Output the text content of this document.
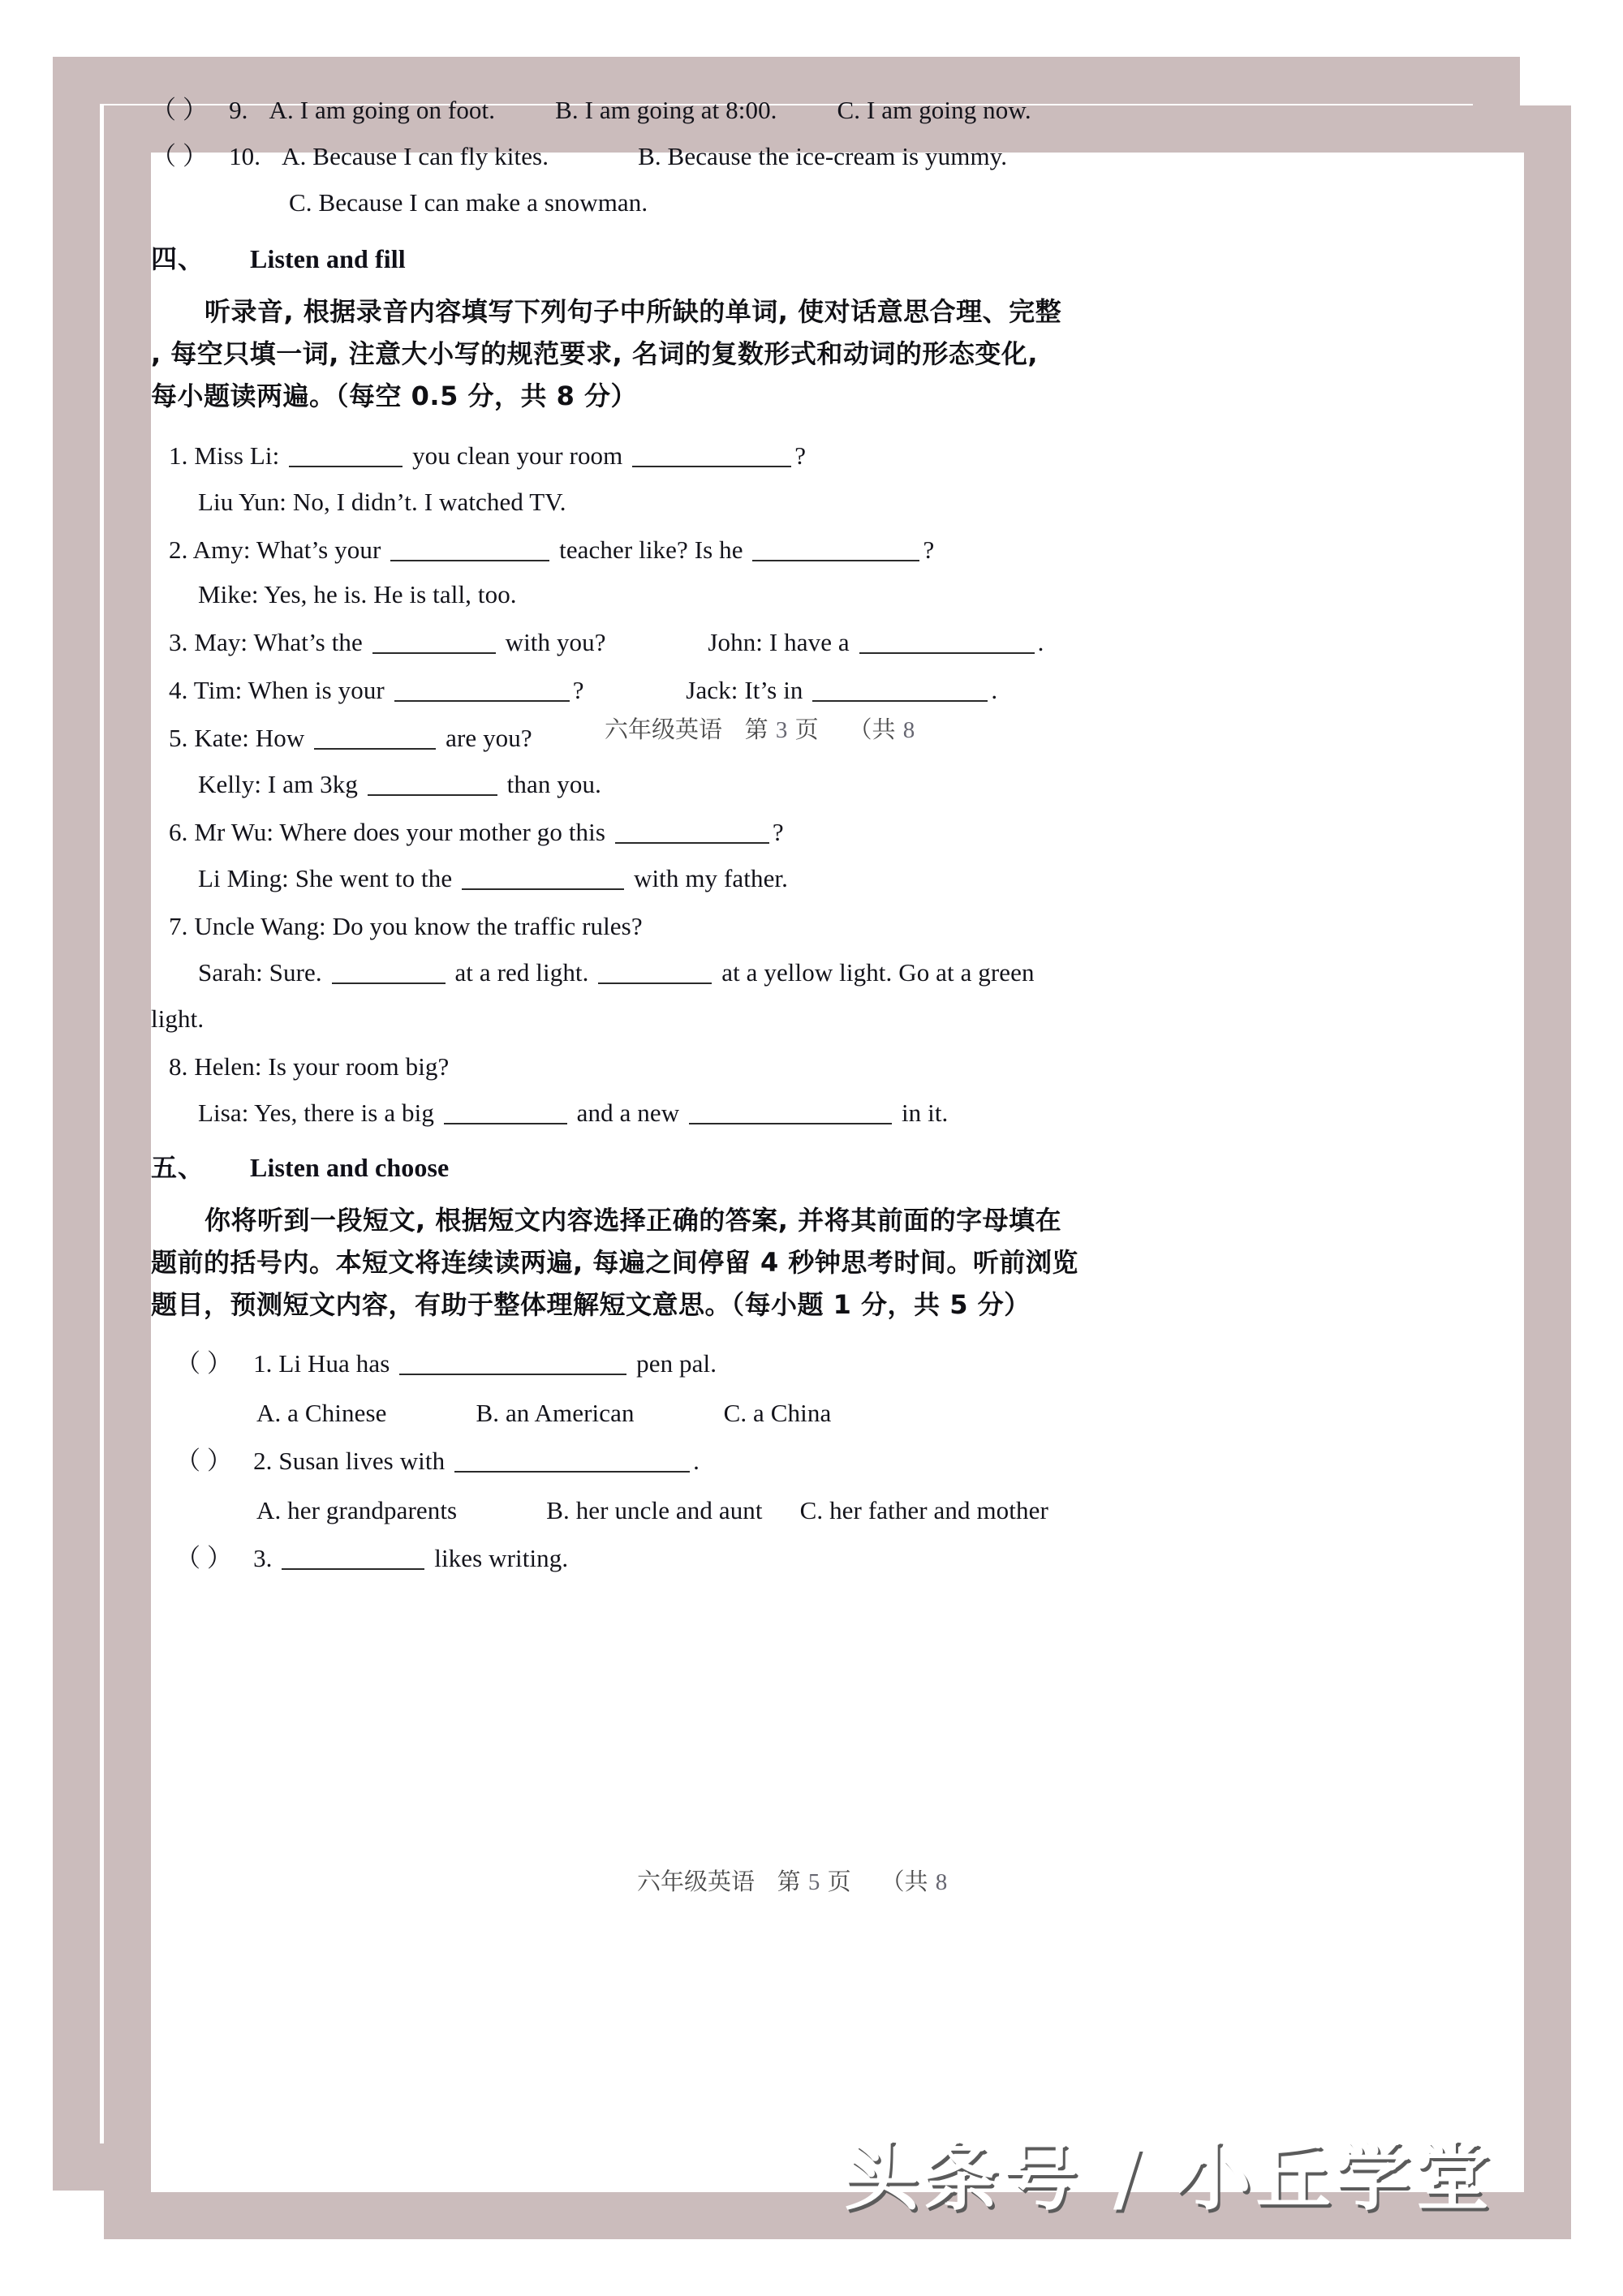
（ ） 9. A. I am going on foot. B. I am going at 8:00. C. I am going now.
（ ） 10. A. Because I can fly kites.	B. Because the ice-cream is yummy.
C. Because I can make a snowman.
四、 Listen and fill
听录音, 根据录音内容填写下列句子中所缺的单词, 使对话意思合理、完整
, 每空只填一词, 注意大小写的规范要求, 名词的复数形式和动词的形态变化,
每小题读两遍。（每空 0.5 分，共 8 分）
1. Miss Li:	you clean your room	?
Liu Yun: No, I didn’t. I watched TV.
2. Amy: What’s your	teacher like? Is he	?
Mike: Yes, he is. He is tall, too.
3. May: What’s the	with you?	John: I have a	.
4. Tim: When is your	?	Jack: It’s in	.
5. Kate: How	are you?
Kelly: I am 3kg	than you.
6. Mr Wu: Where does your mother go this	?
Li Ming: She went to the	with my father.
7. Uncle Wang: Do you know the traffic rules?
Sarah: Sure.	at a red light.	at a yellow light. Go at a green
light.
8. Helen: Is your room big?
Lisa: Yes, there is a big	and a new	in it.
五、 Listen and choose
你将听到一段短文, 根据短文内容选择正确的答案, 并将其前面的字母填在
题前的括号内。本短文将连续读两遍, 每遍之间停留 4 秒钟思考时间。听前浏览
题目，预测短文内容，有助于整体理解短文意思。（每小题 1 分，共 5 分）
（ ） 1. Li Hua has	pen pal.
A. a Chinese	B. an American	C. a China
（ ） 2. Susan lives with	.
A. her grandparents	B. her uncle and aunt C. her father and mother
（ ） 3.	likes writing.
六年级英语 第 3 页 （共 8
六年级英语 第 5 页 （共 8
头条号 / 小丘学堂
